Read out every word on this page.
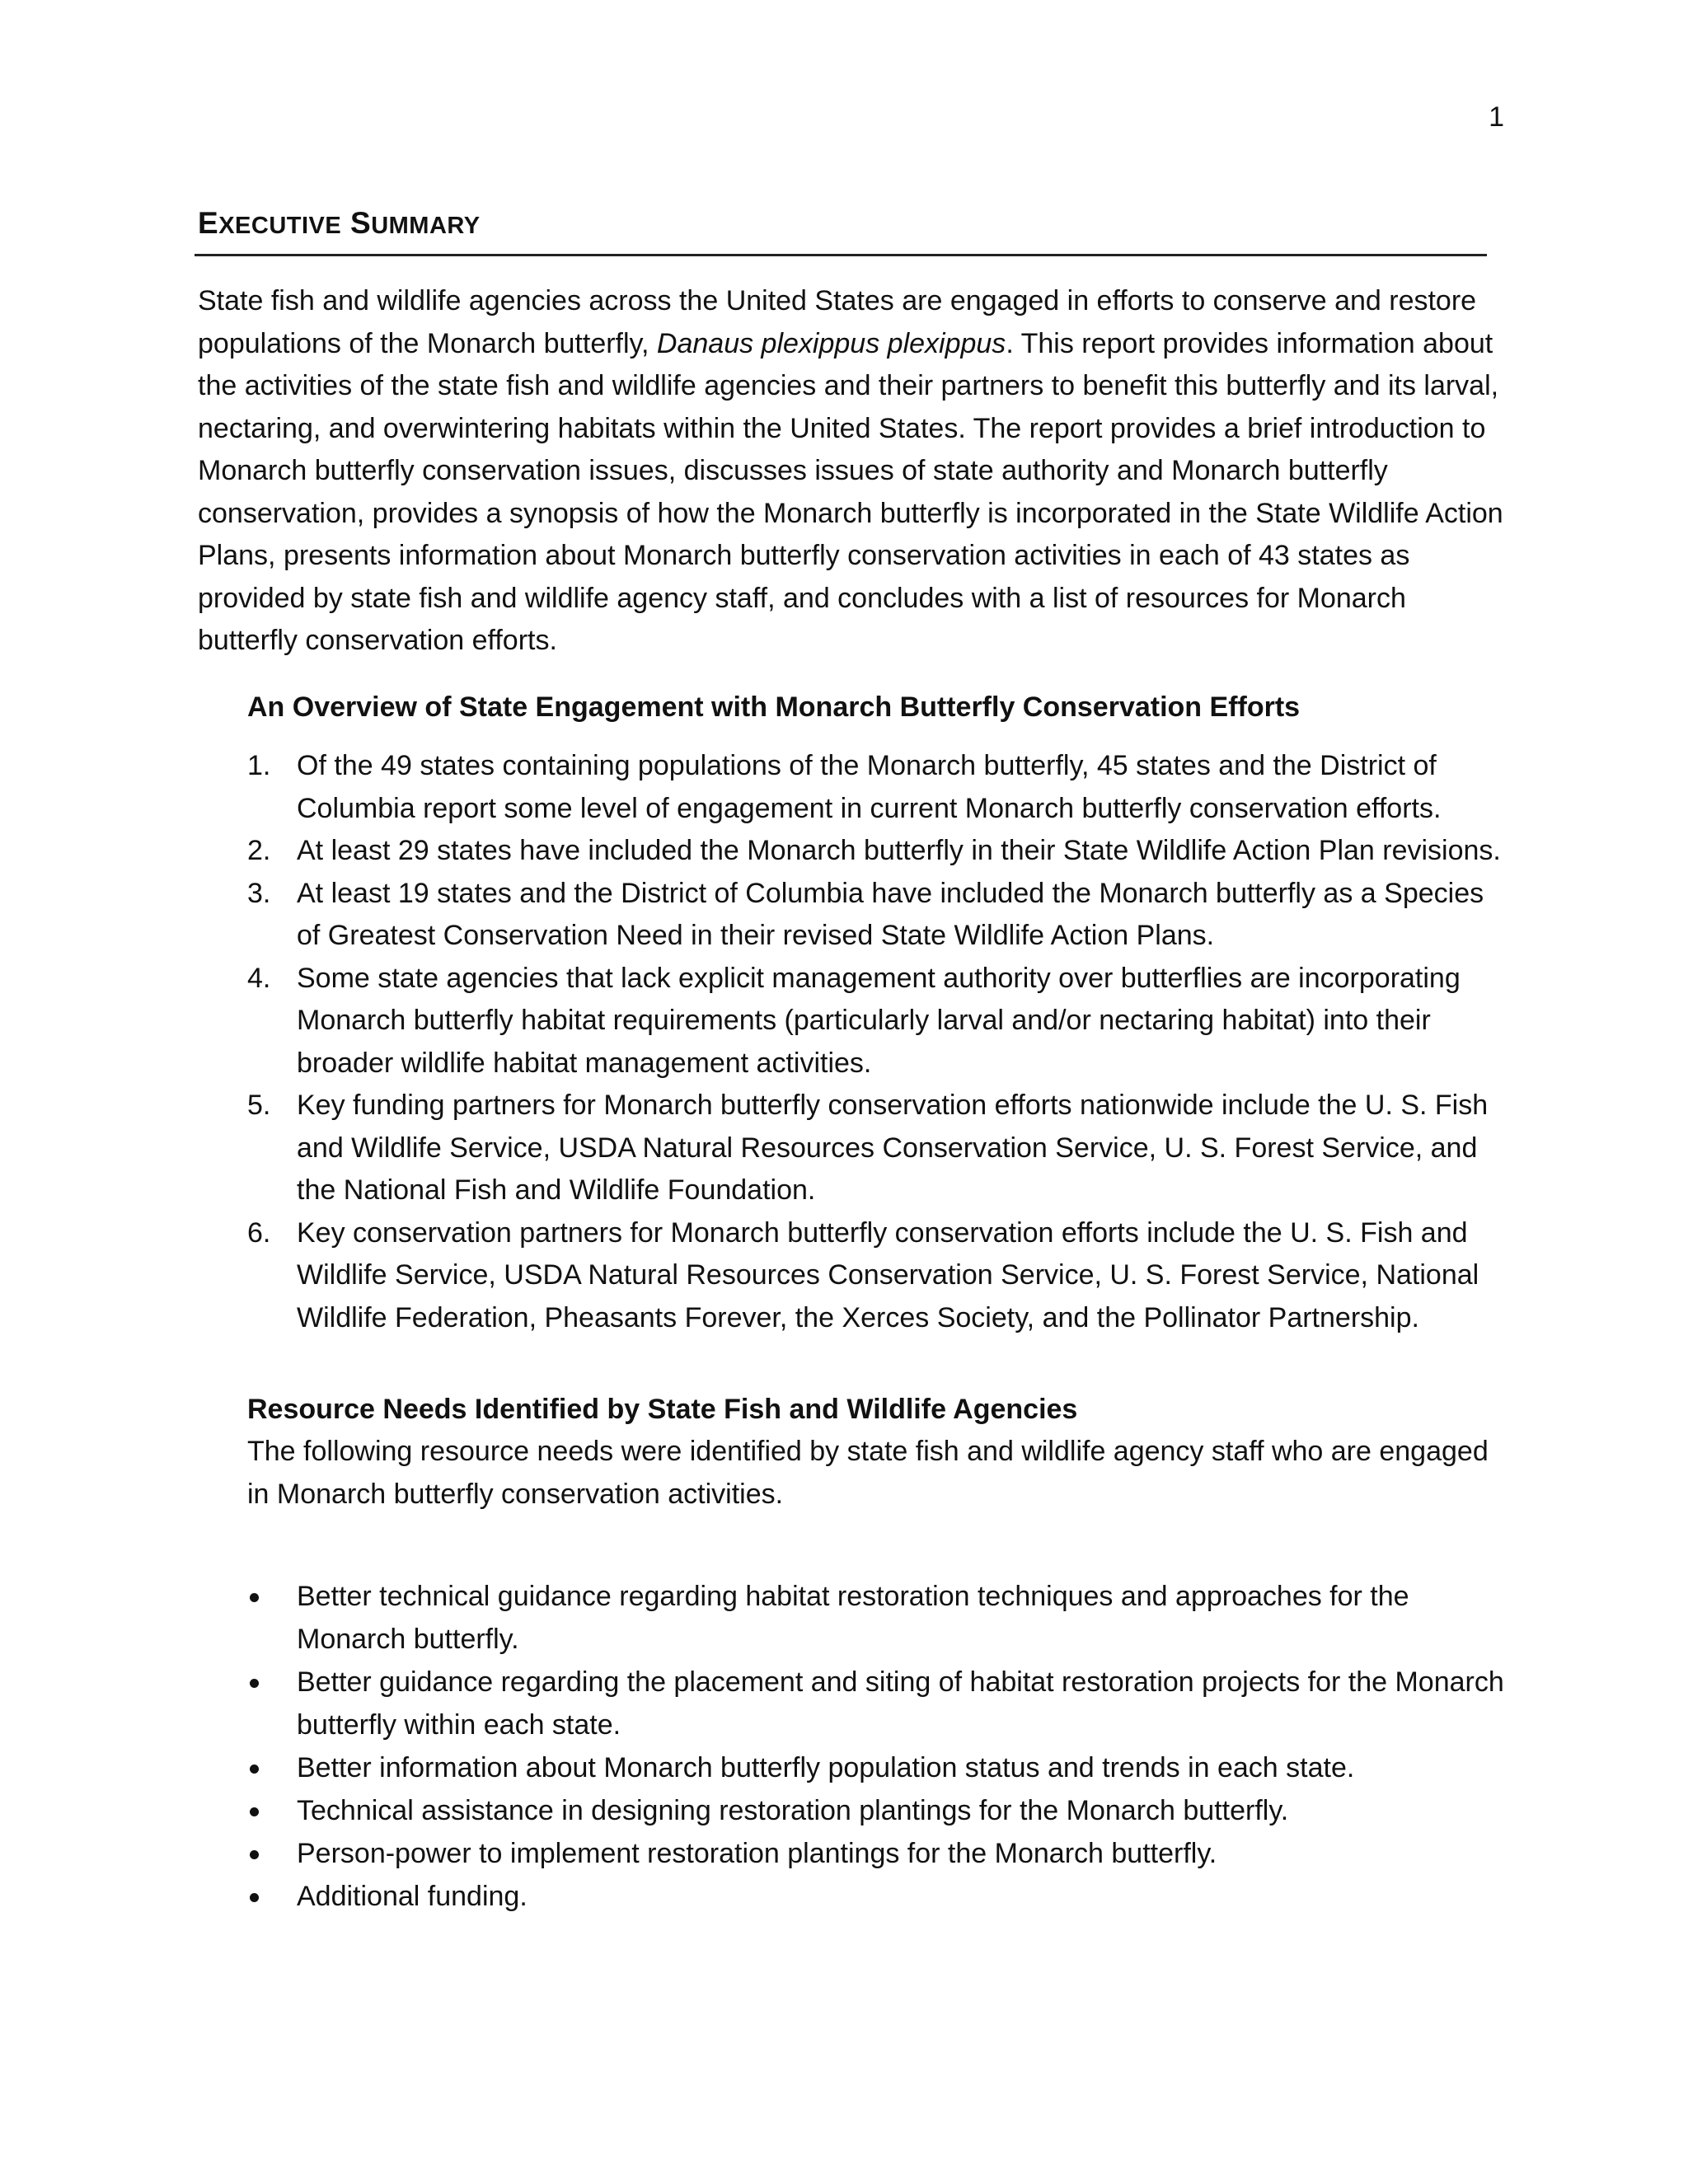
1
EXECUTIVE SUMMARY

State fish and wildlife agencies across the United States are engaged in efforts to conserve and restore populations of the Monarch butterfly, Danaus plexippus plexippus. This report provides information about the activities of the state fish and wildlife agencies and their partners to benefit this butterfly and its larval, nectaring, and overwintering habitats within the United States. The report provides a brief introduction to Monarch butterfly conservation issues, discusses issues of state authority and Monarch butterfly conservation, provides a synopsis of how the Monarch butterfly is incorporated in the State Wildlife Action Plans, presents information about Monarch butterfly conservation activities in each of 43 states as provided by state fish and wildlife agency staff, and concludes with a list of resources for Monarch butterfly conservation efforts.

An Overview of State Engagement with Monarch Butterfly Conservation Efforts

1. Of the 49 states containing populations of the Monarch butterfly, 45 states and the District of Columbia report some level of engagement in current Monarch butterfly conservation efforts.
2. At least 29 states have included the Monarch butterfly in their State Wildlife Action Plan revisions.
3. At least 19 states and the District of Columbia have included the Monarch butterfly as a Species of Greatest Conservation Need in their revised State Wildlife Action Plans.
4. Some state agencies that lack explicit management authority over butterflies are incorporating Monarch butterfly habitat requirements (particularly larval and/or nectaring habitat) into their broader wildlife habitat management activities.
5. Key funding partners for Monarch butterfly conservation efforts nationwide include the U. S. Fish and Wildlife Service, USDA Natural Resources Conservation Service, U. S. Forest Service, and the National Fish and Wildlife Foundation.
6. Key conservation partners for Monarch butterfly conservation efforts include the U. S. Fish and Wildlife Service, USDA Natural Resources Conservation Service, U. S. Forest Service, National Wildlife Federation, Pheasants Forever, the Xerces Society, and the Pollinator Partnership.

Resource Needs Identified by State Fish and Wildlife Agencies

The following resource needs were identified by state fish and wildlife agency staff who are engaged in Monarch butterfly conservation activities.

Better technical guidance regarding habitat restoration techniques and approaches for the Monarch butterfly.
Better guidance regarding the placement and siting of habitat restoration projects for the Monarch butterfly within each state.
Better information about Monarch butterfly population status and trends in each state.
Technical assistance in designing restoration plantings for the Monarch butterfly.
Person-power to implement restoration plantings for the Monarch butterfly.
Additional funding.
